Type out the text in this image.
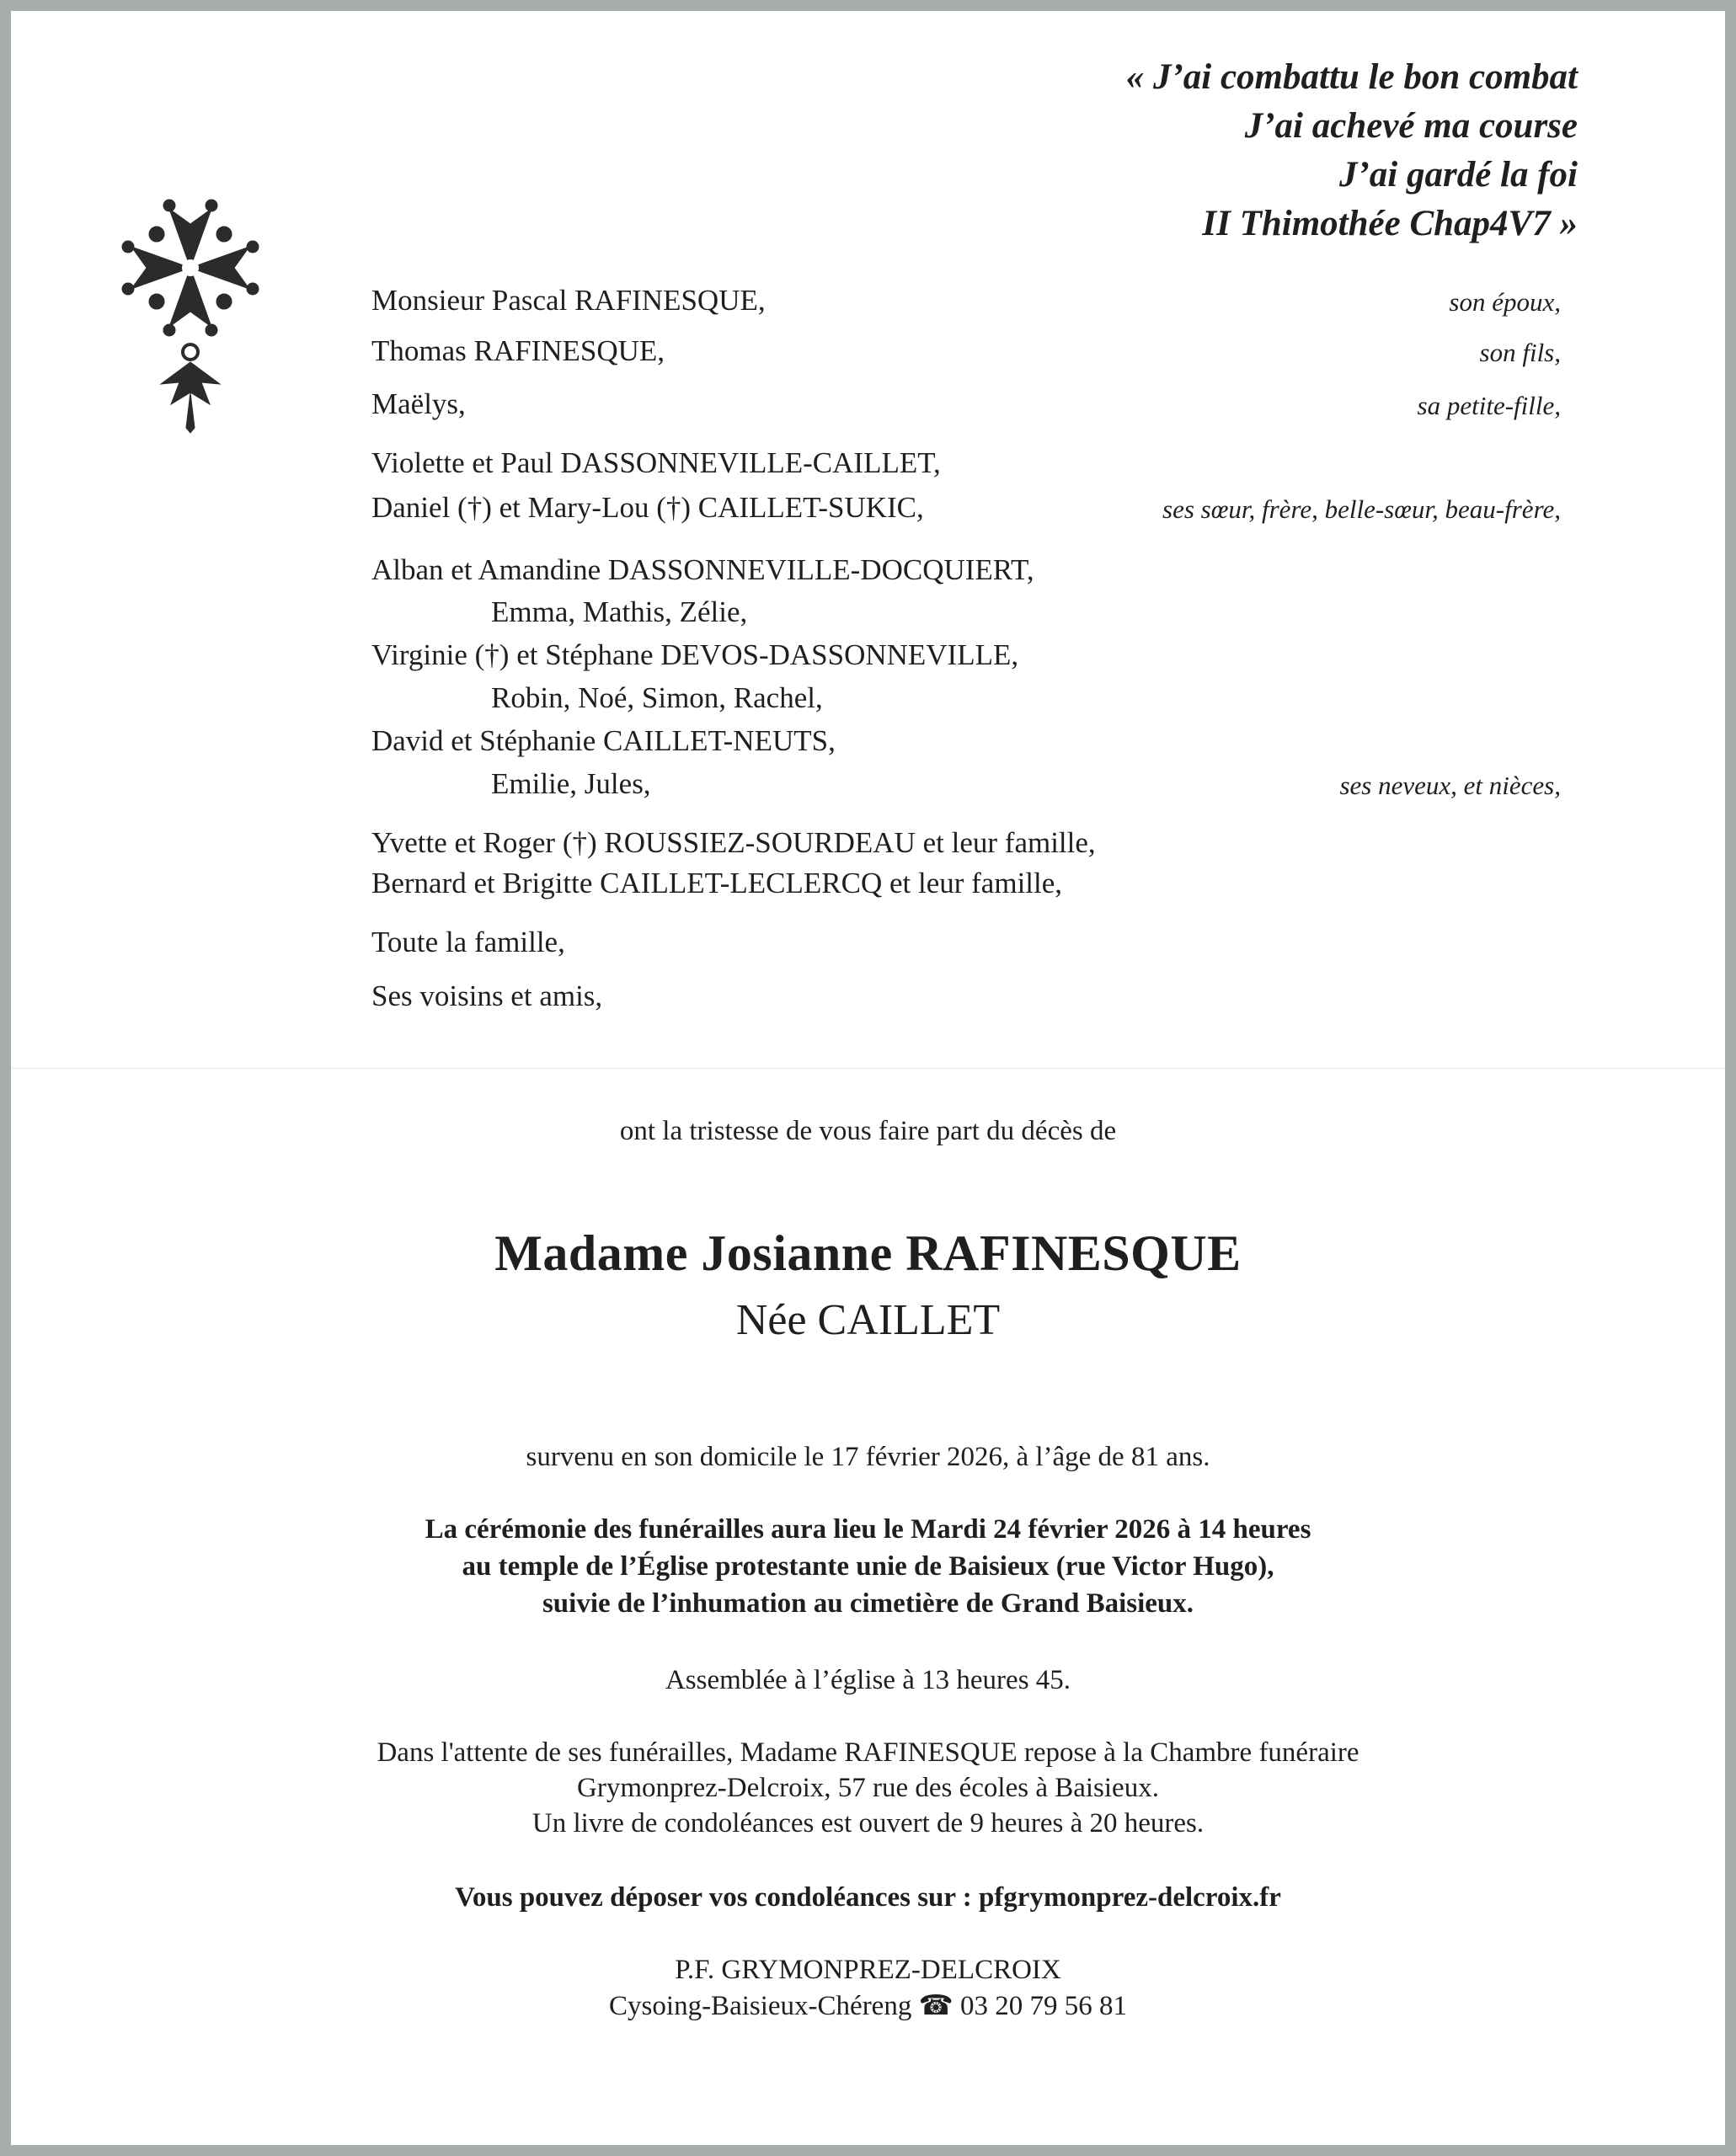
« J’ai combattu le bon combat
J’ai achevé ma course
J’ai gardé la foi
II Thimothée Chap4V7 »
Monsieur Pascal RAFINESQUE,
Thomas RAFINESQUE,
Maëlys,
Violette et Paul DASSONNEVILLE-CAILLET,
Daniel (†) et Mary-Lou (†) CAILLET-SUKIC,
Alban et Amandine DASSONNEVILLE-DOCQUIERT,
Emma, Mathis, Zélie,
Virginie (†) et Stéphane DEVOS-DASSONNEVILLE,
Robin, Noé, Simon, Rachel,
David et Stéphanie CAILLET-NEUTS,
Emilie, Jules,
Yvette et Roger (†) ROUSSIEZ-SOURDEAU et leur famille,
Bernard et Brigitte CAILLET-LECLERCQ et leur famille,
Toute la famille,
Ses voisins et amis,
son époux,
son fils,
sa petite-fille,
ses sœur, frère, belle-sœur, beau-frère,
ses neveux, et nièces,
ont la tristesse de vous faire part du décès de
Madame Josianne RAFINESQUE
Née CAILLET
survenu en son domicile le 17 février 2026, à l’âge de 81 ans.
La cérémonie des funérailles aura lieu le Mardi 24 février 2026 à 14 heures
au temple de l’Église protestante unie de Baisieux (rue Victor Hugo),
suivie de l’inhumation au cimetière de Grand Baisieux.
Assemblée à l’église à 13 heures 45.
Dans l'attente de ses funérailles, Madame RAFINESQUE repose à la Chambre funéraire
Grymonprez-Delcroix, 57 rue des écoles à Baisieux.
Un livre de condoléances est ouvert de 9 heures à 20 heures.
Vous pouvez déposer vos condoléances sur : pfgrymonprez-delcroix.fr
P.F. GRYMONPREZ-DELCROIX
Cysoing-Baisieux-Chéreng ☎ 03 20 79 56 81
